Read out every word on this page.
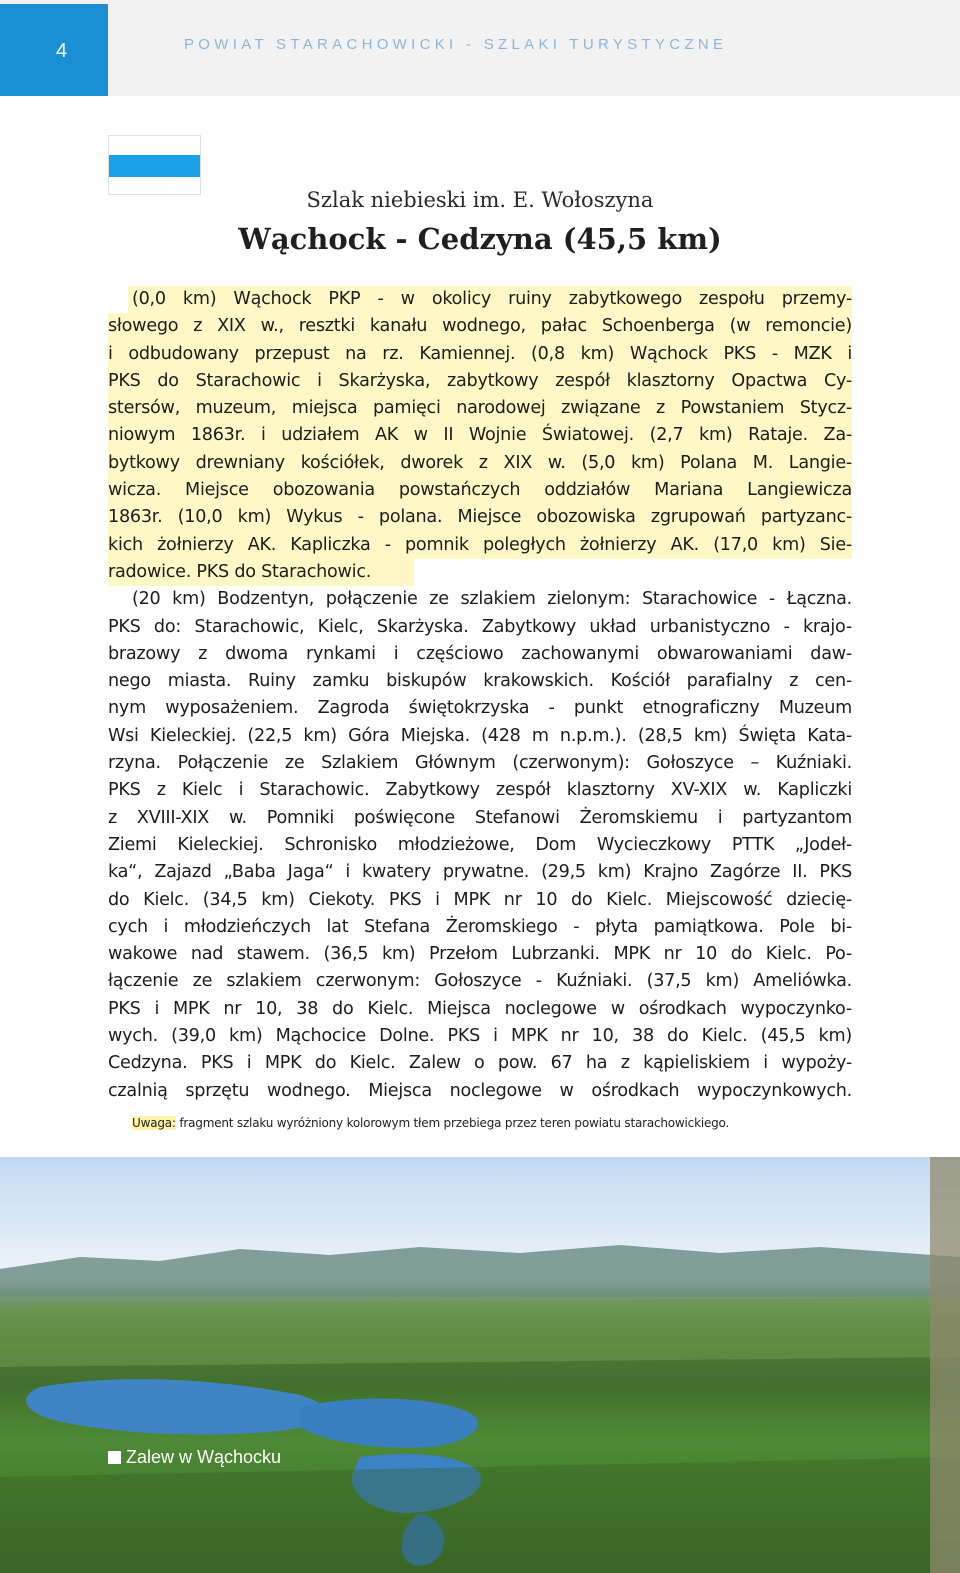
4	POWIAT STARACHOWICKI - SZLAKI TURYSTYCZNE
Szlak niebieski im. E. Wołoszyna
Wąchock - Cedzyna (45,5 km)
(0,0 km) Wąchock PKP - w okolicy ruiny zabytkowego zespołu przemy-
słowego z XIX w., resztki kanału wodnego, pałac Schoenberga (w remoncie)
i odbudowany przepust na rz. Kamiennej. (0,8 km) Wąchock PKS - MZK i
PKS do Starachowic i Skarżyska, zabytkowy zespół klasztorny Opactwa Cy-
stersów, muzeum, miejsca pamięci narodowej związane z Powstaniem Stycz-
niowym 1863r. i udziałem AK w II Wojnie Światowej. (2,7 km) Rataje. Za-
bytkowy drewniany kościółek, dworek z XIX w. (5,0 km) Polana M. Langie-
wicza. Miejsce obozowania powstańczych oddziałów Mariana Langiewicza
1863r. (10,0 km) Wykus - polana. Miejsce obozowiska zgrupowań partyzanc-
kich żołnierzy AK. Kapliczka - pomnik poległych żołnierzy AK. (17,0 km) Sie-
radowice. PKS do Starachowic.
(20 km) Bodzentyn, połączenie ze szlakiem zielonym: Starachowice - Łączna.
PKS do: Starachowic, Kielc, Skarżyska. Zabytkowy układ urbanistyczno - krajo-
brazowy z dwoma rynkami i częściowo zachowanymi obwarowaniami daw-
nego miasta. Ruiny zamku biskupów krakowskich. Kościół parafialny z cen-
nym wyposażeniem. Zagroda świętokrzyska - punkt etnograficzny Muzeum
Wsi Kieleckiej. (22,5 km) Góra Miejska. (428 m n.p.m.). (28,5 km) Święta Kata-
rzyna. Połączenie ze Szlakiem Głównym (czerwonym): Gołoszyce – Kuźniaki.
PKS z Kielc i Starachowic. Zabytkowy zespół klasztorny XV-XIX w. Kapliczki
z XVIII-XIX w. Pomniki poświęcone Stefanowi Żeromskiemu i partyzantom
Ziemi Kieleckiej. Schronisko młodzieżowe, Dom Wycieczkowy PTTK „Jodeł-
ka“, Zajazd „Baba Jaga“ i kwatery prywatne. (29,5 km) Krajno Zagórze II. PKS
do Kielc. (34,5 km) Ciekoty. PKS i MPK nr 10 do Kielc. Miejscowość dziecię-
cych i młodzieńczych lat Stefana Żeromskiego - płyta pamiątkowa. Pole bi-
wakowe nad stawem. (36,5 km) Przełom Lubrzanki. MPK nr 10 do Kielc. Po-
łączenie ze szlakiem czerwonym: Gołoszyce - Kuźniaki. (37,5 km) Ameliówka.
PKS i MPK nr 10, 38 do Kielc. Miejsca noclegowe w ośrodkach wypoczynko-
wych. (39,0 km) Mąchocice Dolne. PKS i MPK nr 10, 38 do Kielc. (45,5 km)
Cedzyna. PKS i MPK do Kielc. Zalew o pow. 67 ha z kąpieliskiem i wypoży-
czalnią sprzętu wodnego. Miejsca noclegowe w ośrodkach wypoczynkowych.
Uwaga: fragment szlaku wyróżniony kolorowym tłem przebiega przez teren powiatu starachowickiego.
Zalew w Wąchocku
